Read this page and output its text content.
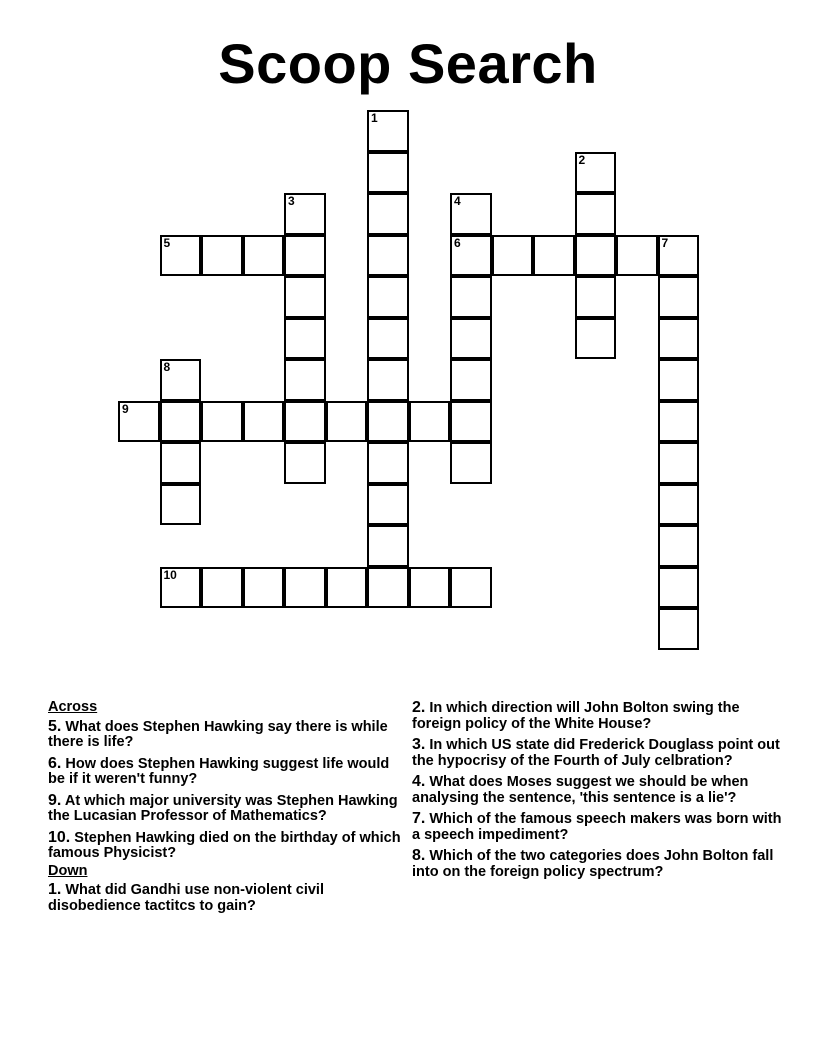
Scoop Search
1
2
3	4
6
5	7
8
9
10
Across
5. What does Stephen Hawking say there is while there is life?
6. How does Stephen Hawking suggest life would be if it weren't funny?
9. At which major university was Stephen Hawking the Lucasian Professor of Mathematics?
10. Stephen Hawking died on the birthday of which famous Physicist?
Down
1. What did Gandhi use non-violent civil disobedience tactitcs to gain?
2. In which direction will John Bolton swing the foreign policy of the White House?
3. In which US state did Frederick Douglass point out the hypocrisy of the Fourth of July celbration?
4. What does Moses suggest we should be when analysing the sentence, 'this sentence is a lie'?
7. Which of the famous speech makers was born with a speech impediment?
8. Which of the two categories does John Bolton fall into on the foreign policy spectrum?
